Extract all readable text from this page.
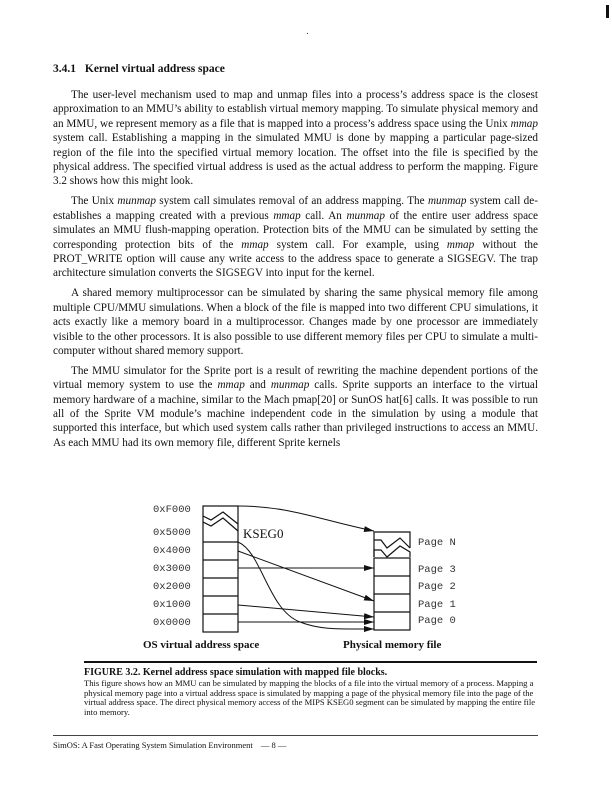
3.4.1 Kernel virtual address space

The user-level mechanism used to map and unmap files into a process’s address space is the closest approximation to an MMU’s ability to establish virtual memory mapping. To simulate physical memory and an MMU, we represent memory as a file that is mapped into a process’s address space using the Unix mmap system call. Establishing a mapping in the simulated MMU is done by mapping a particular page-sized region of the file into the specified virtual memory location. The offset into the file is specified by the physical address. The specified virtual address is used as the actual address to perform the mapping. Figure 3.2 shows how this might look.

The Unix munmap system call simulates removal of an address mapping. The munmap system call de-establishes a mapping created with a previous mmap call. An munmap of the entire user address space simulates an MMU flush-mapping operation. Protection bits of the MMU can be simulated by setting the corresponding protection bits of the mmap system call. For example, using mmap without the PROT_WRITE option will cause any write access to the address space to generate a SIGSEGV. The trap architecture simulation converts the SIGSEGV into input for the kernel.

A shared memory multiprocessor can be simulated by sharing the same physical memory file among multiple CPU/MMU simulations. When a block of the file is mapped into two different CPU simulations, it acts exactly like a memory board in a multiprocessor. Changes made by one processor are immediately visible to the other processors. It is also possible to use different memory files per CPU to simulate a multi-computer without shared memory support.

The MMU simulator for the Sprite port is a result of rewriting the machine dependent portions of the virtual memory system to use the mmap and munmap calls. Sprite supports an interface to the virtual memory hardware of a machine, similar to the Mach pmap[20] or SunOS hat[6] calls. It was possible to run all of the Sprite VM module’s machine independent code in the simulation by using a module that supported this interface, but which used system calls rather than privileged instructions to access an MMU. As each MMU had its own memory file, different Sprite kernels

0xF000
0x5000
0x4000
0x3000
0x2000
0x1000
0x0000
KSEG0
Page N
Page 3
Page 2
Page 1
Page 0
OS virtual address space	Physical memory file
FIGURE 3.2. Kernel address space simulation with mapped file blocks.
This figure shows how an MMU can be simulated by mapping the blocks of a file into the virtual memory of a process. Mapping a physical memory page into a virtual address space is simulated by mapping a page of the physical memory file into the page of the virtual address space. The direct physical memory access of the MIPS KSEG0 segment can be simulated by mapping the entire file into memory.
SimOS: A Fast Operating System Simulation Environment — 8 —
